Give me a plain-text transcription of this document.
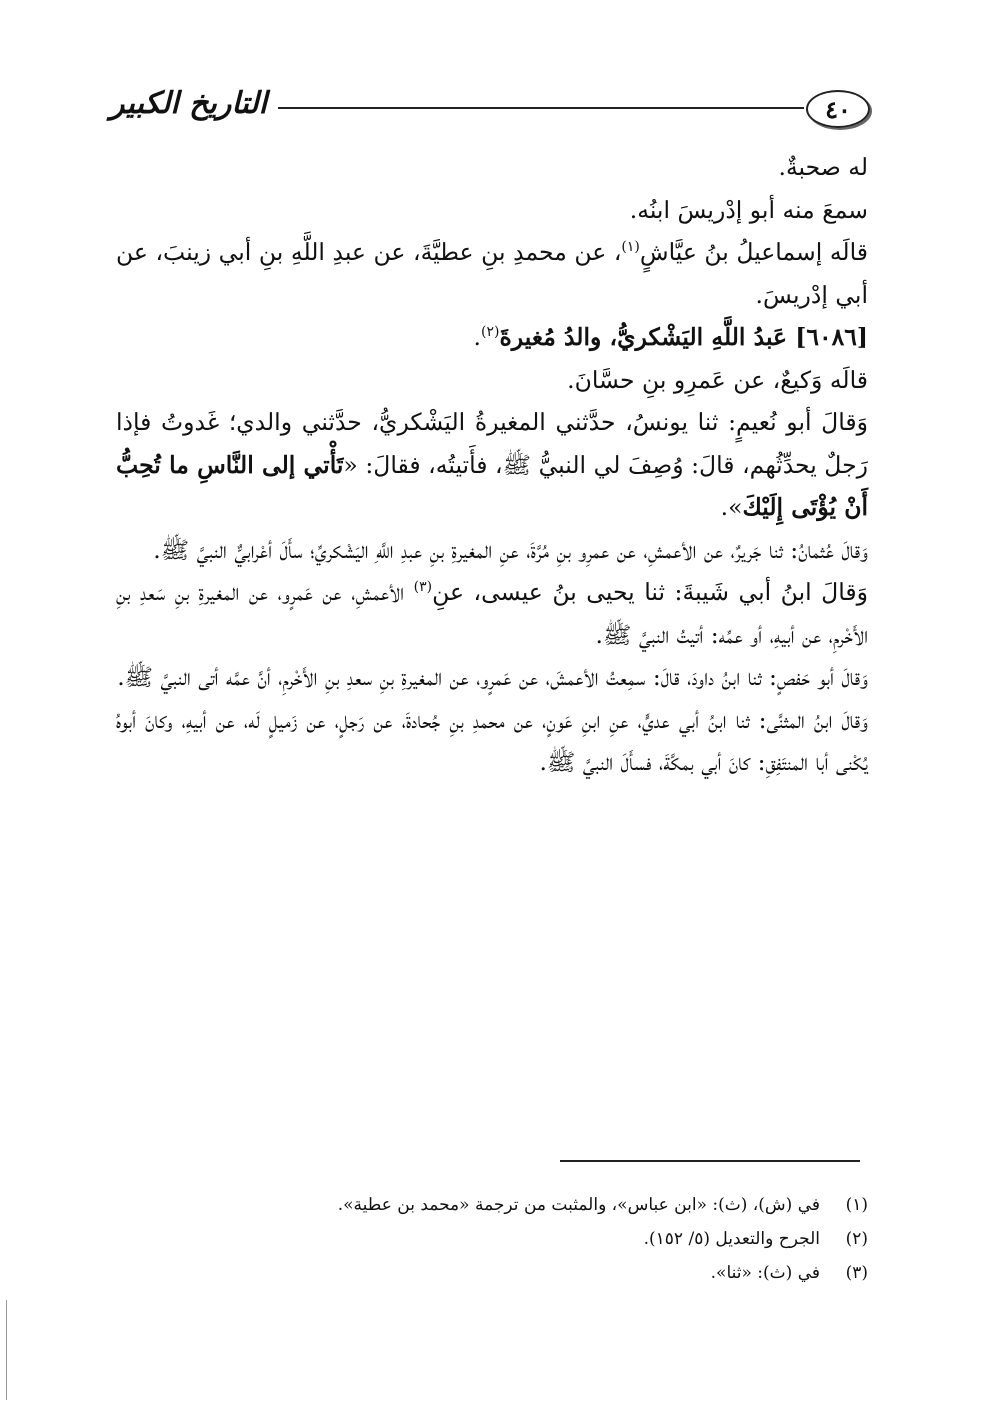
٤٠
التاريخ الكبير

له صحبةٌ.

سمعَ منه أبو إدْريسَ ابنُه.

قالَه إسماعيلُ بنُ عيَّاشٍ$^{(١)}$، عن محمدِ بنِ عطيَّةَ، عن عبدِ اللَّهِ بنِ أبي زينبَ، عن أبي إدْريسَ.

[٦٠٨٦] عَبدُ اللَّهِ اليَشْكريُّ، والدُ مُغيرةَ$^{(٢)}$.

قالَه وَكيعٌ، عن عَمرِو بنِ حسَّانَ.

وَقالَ أبو نُعيمٍ: ثنا يونسُ، حدَّثني المغيرةُ اليَشْكريُّ، حدَّثني والدي؛ غَدوتُ فإذا رَجلٌ يحدِّثُهم، قالَ: وُصِفَ لي النبيُّ ﷺ، فأَتيتُه، فقالَ: «تَأْتي إلى النَّاسِ ما تُحِبُّ أَنْ يُؤْتَى إِلَيْكَ».

وَقالَ عُثمانُ: ثنا جَريرٌ، عن الأعمشِ، عن عمرِو بنِ مُرَّةَ، عنِ المغيرةِ بنِ عبدِ اللَّهِ اليَشْكريِّ؛ سأَلَ أعْرابيٌّ النبيَّ ﷺ.

وَقالَ ابنُ أبي شَيبةَ: ثنا يحيى بنُ عيسى، عنِ$^{(٣)}$ الأعمشِ، عن عَمرٍو، عن المغيرةِ بنِ سَعدِ بنِ الأَخْرمِ، عن أبيهِ، أو عمِّه: أتيتُ النبيَّ ﷺ.

وَقالَ أبو حَفصٍ: ثنا ابنُ داودَ، قالَ: سمِعتُ الأعمشَ، عن عَمرٍو، عن المغيرةِ بنِ سعدِ بنِ الأَخْرمِ، أنَّ عمَّه أتى النبيَّ ﷺ.

وَقالَ ابنُ المثنَّى: ثنا ابنُ أبي عديٍّ، عنِ ابنِ عَونٍ، عن محمدِ بنِ جُحادةَ، عن رَجلٍ، عن زَميلٍ لَه، عن أبيهِ، وكانَ أبوهُ يُكْنى أبا المنتَفِقِ: كانَ أبي بمكَّةَ، فسأَلَ النبيَّ ﷺ.

(١)
في (ش)، (ث): «ابن عباس»، والمثبت من ترجمة «محمد بن عطية».

(٢)
الجرح والتعديل (٥/ ١٥٢).

(٣)
في (ث): «ثنا».
